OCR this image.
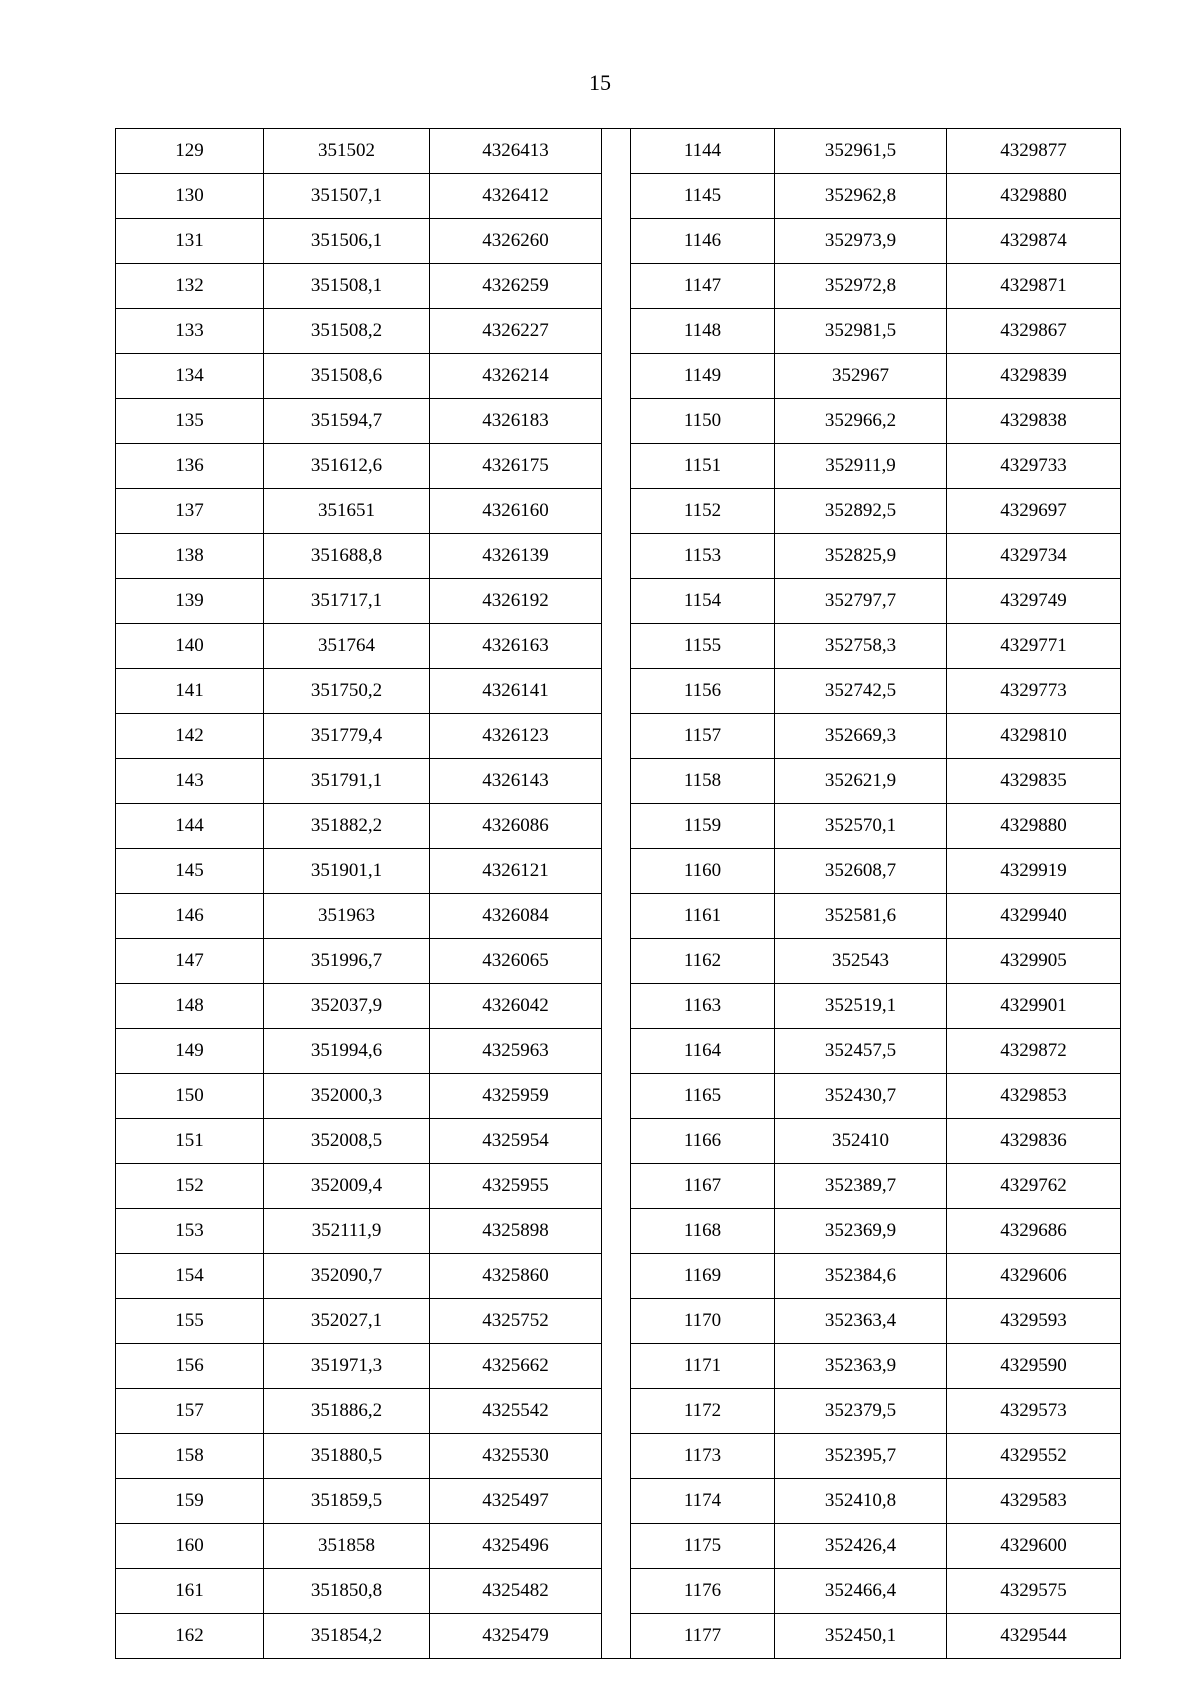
15
129	351502	4326413		1144	352961,5	4329877
130	351507,1	4326412		1145	352962,8	4329880
131	351506,1	4326260		1146	352973,9	4329874
132	351508,1	4326259		1147	352972,8	4329871
133	351508,2	4326227		1148	352981,5	4329867
134	351508,6	4326214		1149	352967	4329839
135	351594,7	4326183		1150	352966,2	4329838
136	351612,6	4326175		1151	352911,9	4329733
137	351651	4326160		1152	352892,5	4329697
138	351688,8	4326139		1153	352825,9	4329734
139	351717,1	4326192		1154	352797,7	4329749
140	351764	4326163		1155	352758,3	4329771
141	351750,2	4326141		1156	352742,5	4329773
142	351779,4	4326123		1157	352669,3	4329810
143	351791,1	4326143		1158	352621,9	4329835
144	351882,2	4326086		1159	352570,1	4329880
145	351901,1	4326121		1160	352608,7	4329919
146	351963	4326084		1161	352581,6	4329940
147	351996,7	4326065		1162	352543	4329905
148	352037,9	4326042		1163	352519,1	4329901
149	351994,6	4325963		1164	352457,5	4329872
150	352000,3	4325959		1165	352430,7	4329853
151	352008,5	4325954		1166	352410	4329836
152	352009,4	4325955		1167	352389,7	4329762
153	352111,9	4325898		1168	352369,9	4329686
154	352090,7	4325860		1169	352384,6	4329606
155	352027,1	4325752		1170	352363,4	4329593
156	351971,3	4325662		1171	352363,9	4329590
157	351886,2	4325542		1172	352379,5	4329573
158	351880,5	4325530		1173	352395,7	4329552
159	351859,5	4325497		1174	352410,8	4329583
160	351858	4325496		1175	352426,4	4329600
161	351850,8	4325482		1176	352466,4	4329575
162	351854,2	4325479		1177	352450,1	4329544
